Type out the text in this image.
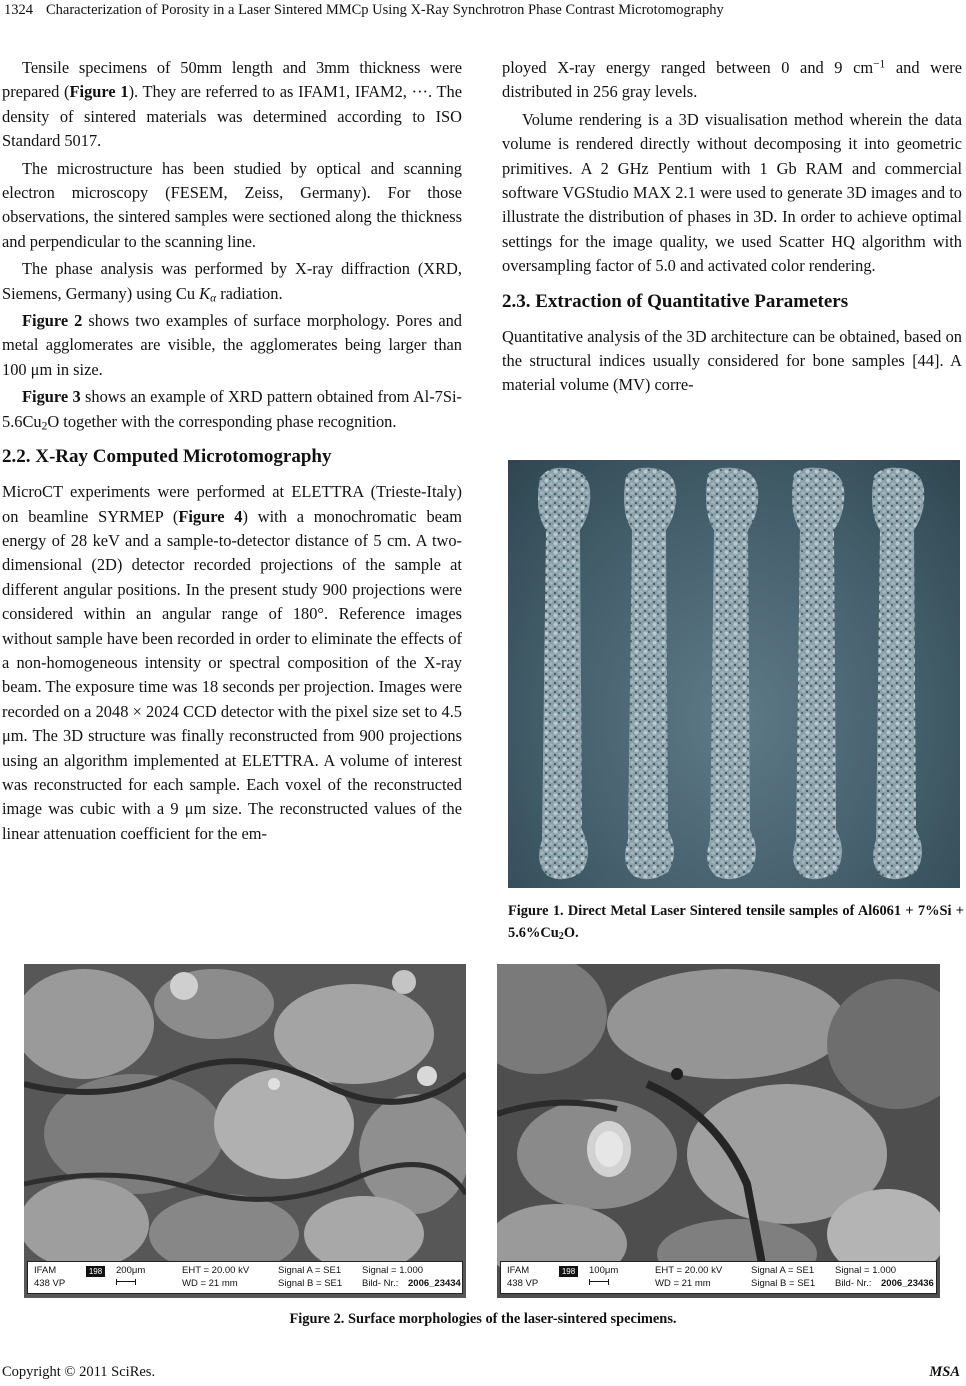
1324 Characterization of Porosity in a Laser Sintered MMCp Using X-Ray Synchrotron Phase Contrast Microtomography

Tensile specimens of 50mm length and 3mm thickness were prepared (Figure 1). They are referred to as IFAM1, IFAM2, ···. The density of sintered materials was determined according to ISO Standard 5017.

The microstructure has been studied by optical and scanning electron microscopy (FESEM, Zeiss, Germany). For those observations, the sintered samples were sectioned along the thickness and perpendicular to the scanning line.

The phase analysis was performed by X-ray diffraction (XRD, Siemens, Germany) using Cu $K_\alpha$ radiation.

Figure 2 shows two examples of surface morphology. Pores and metal agglomerates are visible, the agglomerates being larger than 100 μm in size.

Figure 3 shows an example of XRD pattern obtained from $Al-7Si-5.6Cu_2O$ together with the corresponding phase recognition.

2.2. X-Ray Computed Microtomography

MicroCT experiments were performed at ELETTRA (Trieste-Italy) on beamline SYRMEP (Figure 4) with a monochromatic beam energy of 28 keV and a sample-to-detector distance of 5 cm. A two-dimensional (2D) detector recorded projections of the sample at different angular positions. In the present study 900 projections were considered within an angular range of 180°. Reference images without sample have been recorded in order to eliminate the effects of a non-homogeneous intensity or spectral composition of the X-ray beam. The exposure time was 18 seconds per projection. Images were recorded on a 2048 × 2024 CCD detector with the pixel size set to 4.5 μm. The 3D structure was finally reconstructed from 900 projections using an algorithm implemented at ELETTRA. A volume of interest was reconstructed for each sample. Each voxel of the reconstructed image was cubic with a 9 μm size. The reconstructed values of the linear attenuation coefficient for the em-

ployed X-ray energy ranged between 0 and 9 $cm^{-1}$ and were distributed in 256 gray levels.

Volume rendering is a 3D visualisation method wherein the data volume is rendered directly without decomposing it into geometric primitives. A 2 GHz Pentium with 1 Gb RAM and commercial software VGStudio MAX 2.1 were used to generate 3D images and to illustrate the distribution of phases in 3D. In order to achieve optimal settings for the image quality, we used Scatter HQ algorithm with oversampling factor of 5.0 and activated color rendering.

2.3. Extraction of Quantitative Parameters

Quantitative analysis of the 3D architecture can be obtained, based on the structural indices usually considered for bone samples [44]. A material volume (MV) corre-

Figure 1. Direct Metal Laser Sintered tensile samples of $Al6061 + 7\%Si + 5.6\%Cu_2O$.
IFAM
438 VP
198 200μm	EHT = 20.00 kV
WD = 21 mm
Signal A = SE1
Signal B = SE1
Signal = 1.000
Bild- Nr.: 2006_23434
IFAM
438 VP
198 100μm	EHT = 20.00 kV
WD = 21 mm
Signal A = SE1
Signal B = SE1
Signal = 1.000
Bild- Nr.: 2006_23436
Figure 2. Surface morphologies of the laser-sintered specimens.
Copyright © 2011 SciRes.	MSA
